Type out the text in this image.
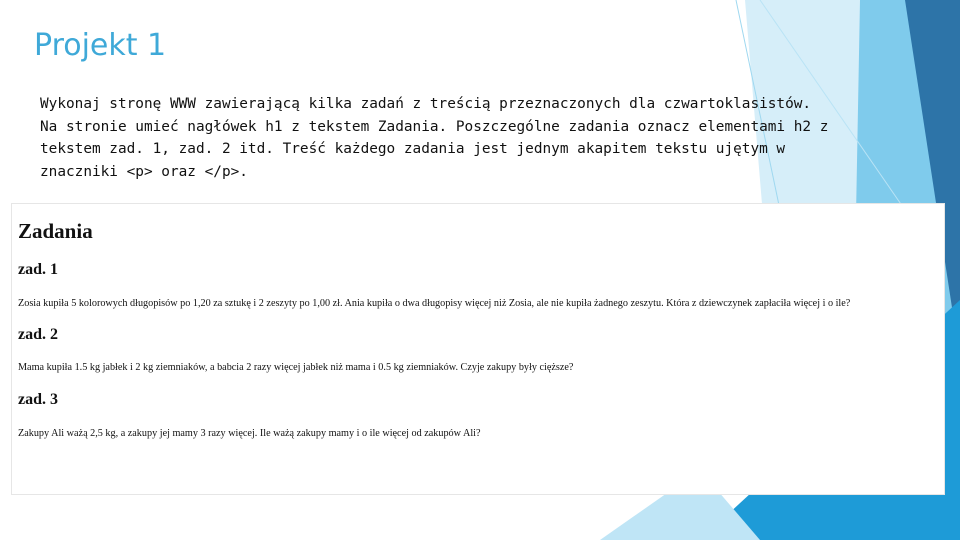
Projekt 1

Wykonaj stronę WWW zawierającą kilka zadań z treścią przeznaczonych dla czwartoklasistów. Na stronie umieć nagłówek h1 z tekstem Zadania. Poszczególne zadania oznacz elementami h2 z tekstem zad. 1, zad. 2 itd. Treść każdego zadania jest jednym akapitem tekstu ujętym w znaczniki <p> oraz </p>.

Zadania
zad. 1

Zosia kupiła 5 kolorowych długopisów po 1,20 za sztukę i 2 zeszyty po 1,00 zł. Ania kupiła o dwa długopisy więcej niż Zosia, ale nie kupiła żadnego zeszytu. Która z dziewczynek zapłaciła więcej i o ile?

zad. 2

Mama kupiła 1.5 kg jabłek i 2 kg ziemniaków, a babcia 2 razy więcej jabłek niż mama i 0.5 kg ziemniaków. Czyje zakupy były cięższe?

zad. 3

Zakupy Ali ważą 2,5 kg, a zakupy jej mamy 3 razy więcej. Ile ważą zakupy mamy i o ile więcej od zakupów Ali?
